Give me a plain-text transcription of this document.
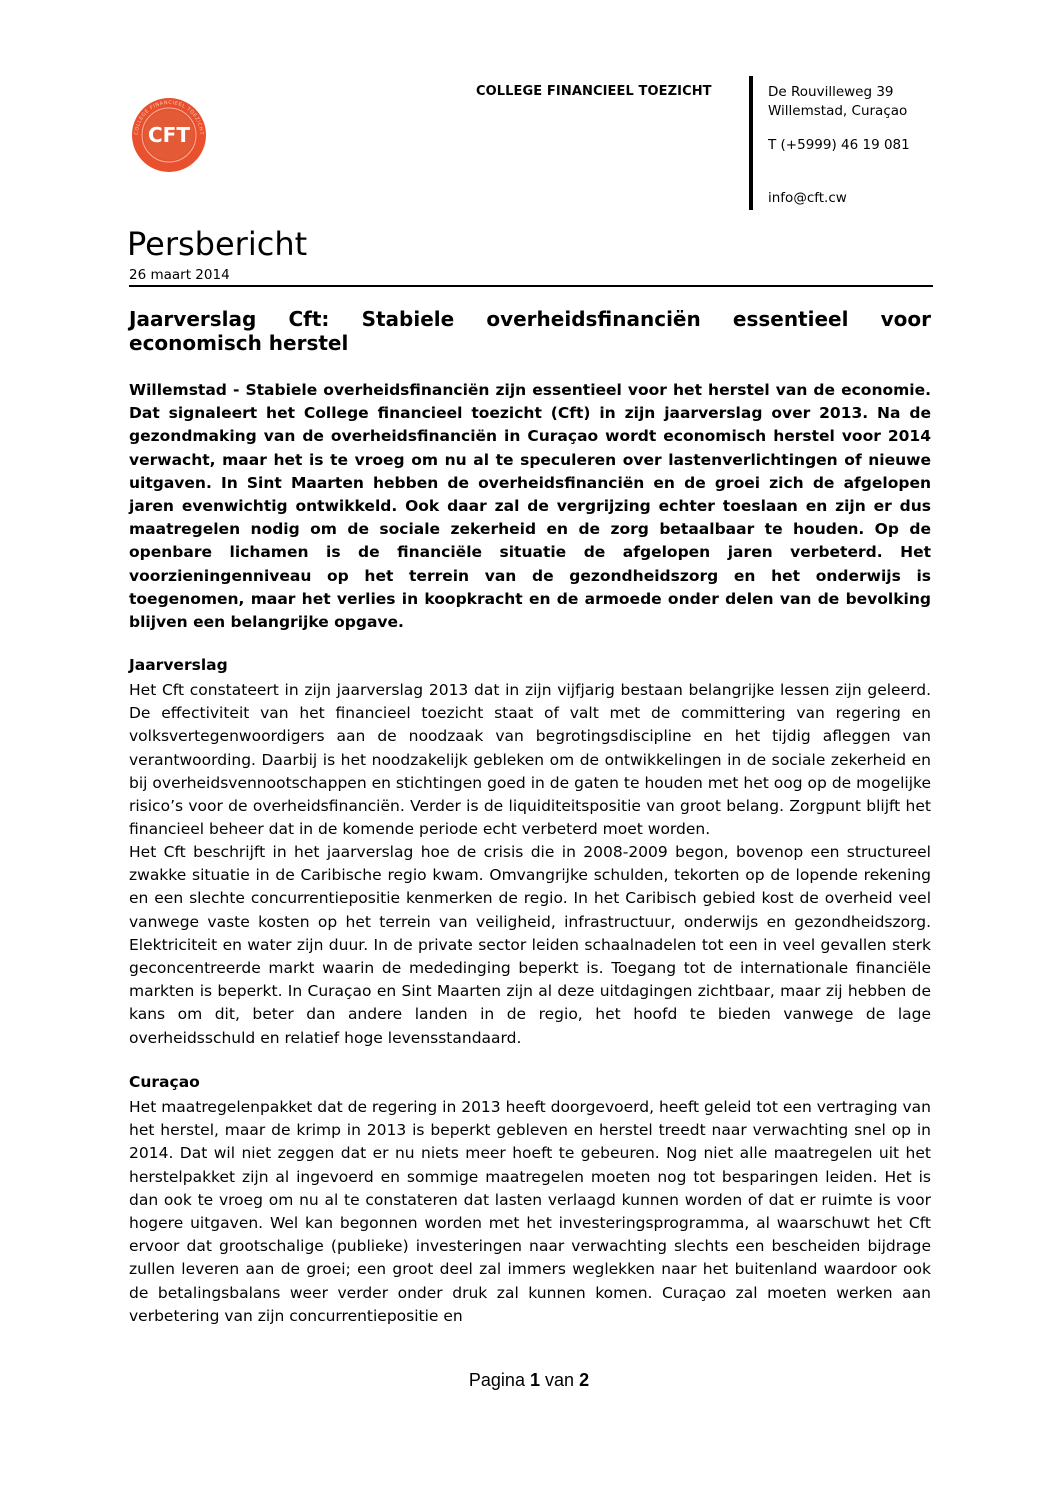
COLLEGE FINANCIEEL TOEZICHT
CFT
COLLEGE FINANCIEEL TOEZICHT	De Rouvilleweg 39
Willemstad, Curaçao
T (+5999) 46 19 081
info@cft.cw
Persbericht
26 maart 2014
Jaarverslag Cft: Stabiele overheidsfinanciën essentieel voor economisch herstel

Willemstad - Stabiele overheidsfinanciën zijn essentieel voor het herstel van de economie. Dat signaleert het College financieel toezicht (Cft) in zijn jaarverslag over 2013. Na de gezondmaking van de overheidsfinanciën in Curaçao wordt economisch herstel voor 2014 verwacht, maar het is te vroeg om nu al te speculeren over lastenverlichtingen of nieuwe uitgaven. In Sint Maarten hebben de overheidsfinanciën en de groei zich de afgelopen jaren evenwichtig ontwikkeld. Ook daar zal de vergrijzing echter toeslaan en zijn er dus maatregelen nodig om de sociale zekerheid en de zorg betaalbaar te houden. Op de openbare lichamen is de financiële situatie de afgelopen jaren verbeterd. Het voorzieningenniveau op het terrein van de gezondheidszorg en het onderwijs is toegenomen, maar het verlies in koopkracht en de armoede onder delen van de bevolking blijven een belangrijke opgave.

Jaarverslag

Het Cft constateert in zijn jaarverslag 2013 dat in zijn vijfjarig bestaan belangrijke lessen zijn geleerd. De effectiviteit van het financieel toezicht staat of valt met de committering van regering en volksvertegenwoordigers aan de noodzaak van begrotingsdiscipline en het tijdig afleggen van verantwoording. Daarbij is het noodzakelijk gebleken om de ontwikkelingen in de sociale zekerheid en bij overheidsvennootschappen en stichtingen goed in de gaten te houden met het oog op de mogelijke risico’s voor de overheidsfinanciën. Verder is de liquiditeitspositie van groot belang. Zorgpunt blijft het financieel beheer dat in de komende periode echt verbeterd moet worden.

Het Cft beschrijft in het jaarverslag hoe de crisis die in 2008-2009 begon, bovenop een structureel zwakke situatie in de Caribische regio kwam. Omvangrijke schulden, tekorten op de lopende rekening en een slechte concurrentiepositie kenmerken de regio. In het Caribisch gebied kost de overheid veel vanwege vaste kosten op het terrein van veiligheid, infrastructuur, onderwijs en gezondheidszorg. Elektriciteit en water zijn duur. In de private sector leiden schaalnadelen tot een in veel gevallen sterk geconcentreerde markt waarin de mededinging beperkt is. Toegang tot de internationale financiële markten is beperkt. In Curaçao en Sint Maarten zijn al deze uitdagingen zichtbaar, maar zij hebben de kans om dit, beter dan andere landen in de regio, het hoofd te bieden vanwege de lage overheidsschuld en relatief hoge levensstandaard.

Curaçao

Het maatregelenpakket dat de regering in 2013 heeft doorgevoerd, heeft geleid tot een vertraging van het herstel, maar de krimp in 2013 is beperkt gebleven en herstel treedt naar verwachting snel op in 2014. Dat wil niet zeggen dat er nu niets meer hoeft te gebeuren. Nog niet alle maatregelen uit het herstelpakket zijn al ingevoerd en sommige maatregelen moeten nog tot besparingen leiden. Het is dan ook te vroeg om nu al te constateren dat lasten verlaagd kunnen worden of dat er ruimte is voor hogere uitgaven. Wel kan begonnen worden met het investeringsprogramma, al waarschuwt het Cft ervoor dat grootschalige (publieke) investeringen naar verwachting slechts een bescheiden bijdrage zullen leveren aan de groei; een groot deel zal immers weglekken naar het buitenland waardoor ook de betalingsbalans weer verder onder druk zal kunnen komen. Curaçao zal moeten werken aan verbetering van zijn concurrentiepositie en

Pagina 1 van 2
